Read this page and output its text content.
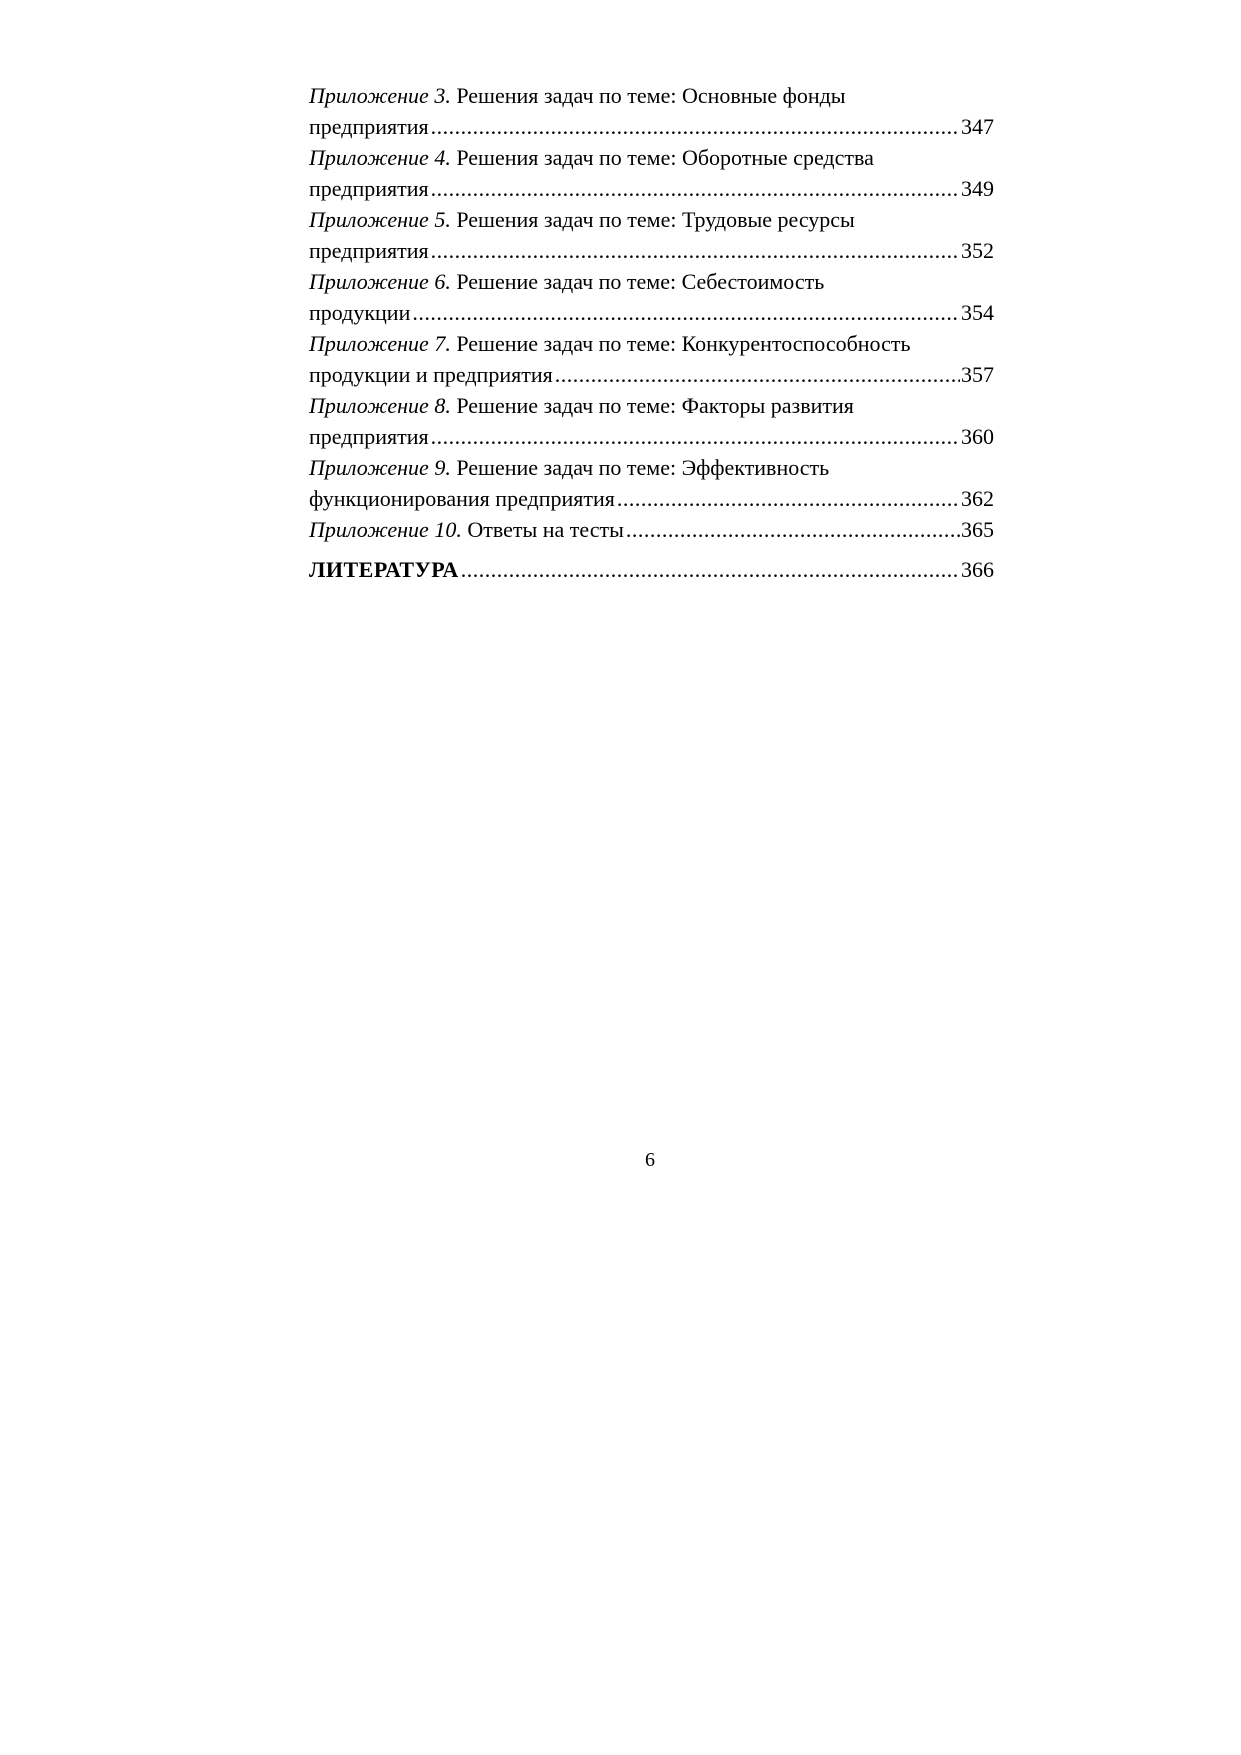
Приложение 3. Решения задач по теме: Основные фонды
предприятия .....	347
Приложение 4. Решения задач по теме: Оборотные средства
предприятия .....	349
Приложение 5. Решения задач по теме: Трудовые ресурсы
предприятия .....	352
Приложение 6. Решение задач по теме: Себестоимость
продукции .....	354
Приложение 7. Решение задач по теме: Конкурентоспособность
продукции и предприятия .....	357
Приложение 8. Решение задач по теме: Факторы развития
предприятия .....	360
Приложение 9. Решение задач по теме: Эффективность
функционирования предприятия .....	362
Приложение 10. Ответы на тесты .....	365
ЛИТЕРАТУРА .....	366
6
